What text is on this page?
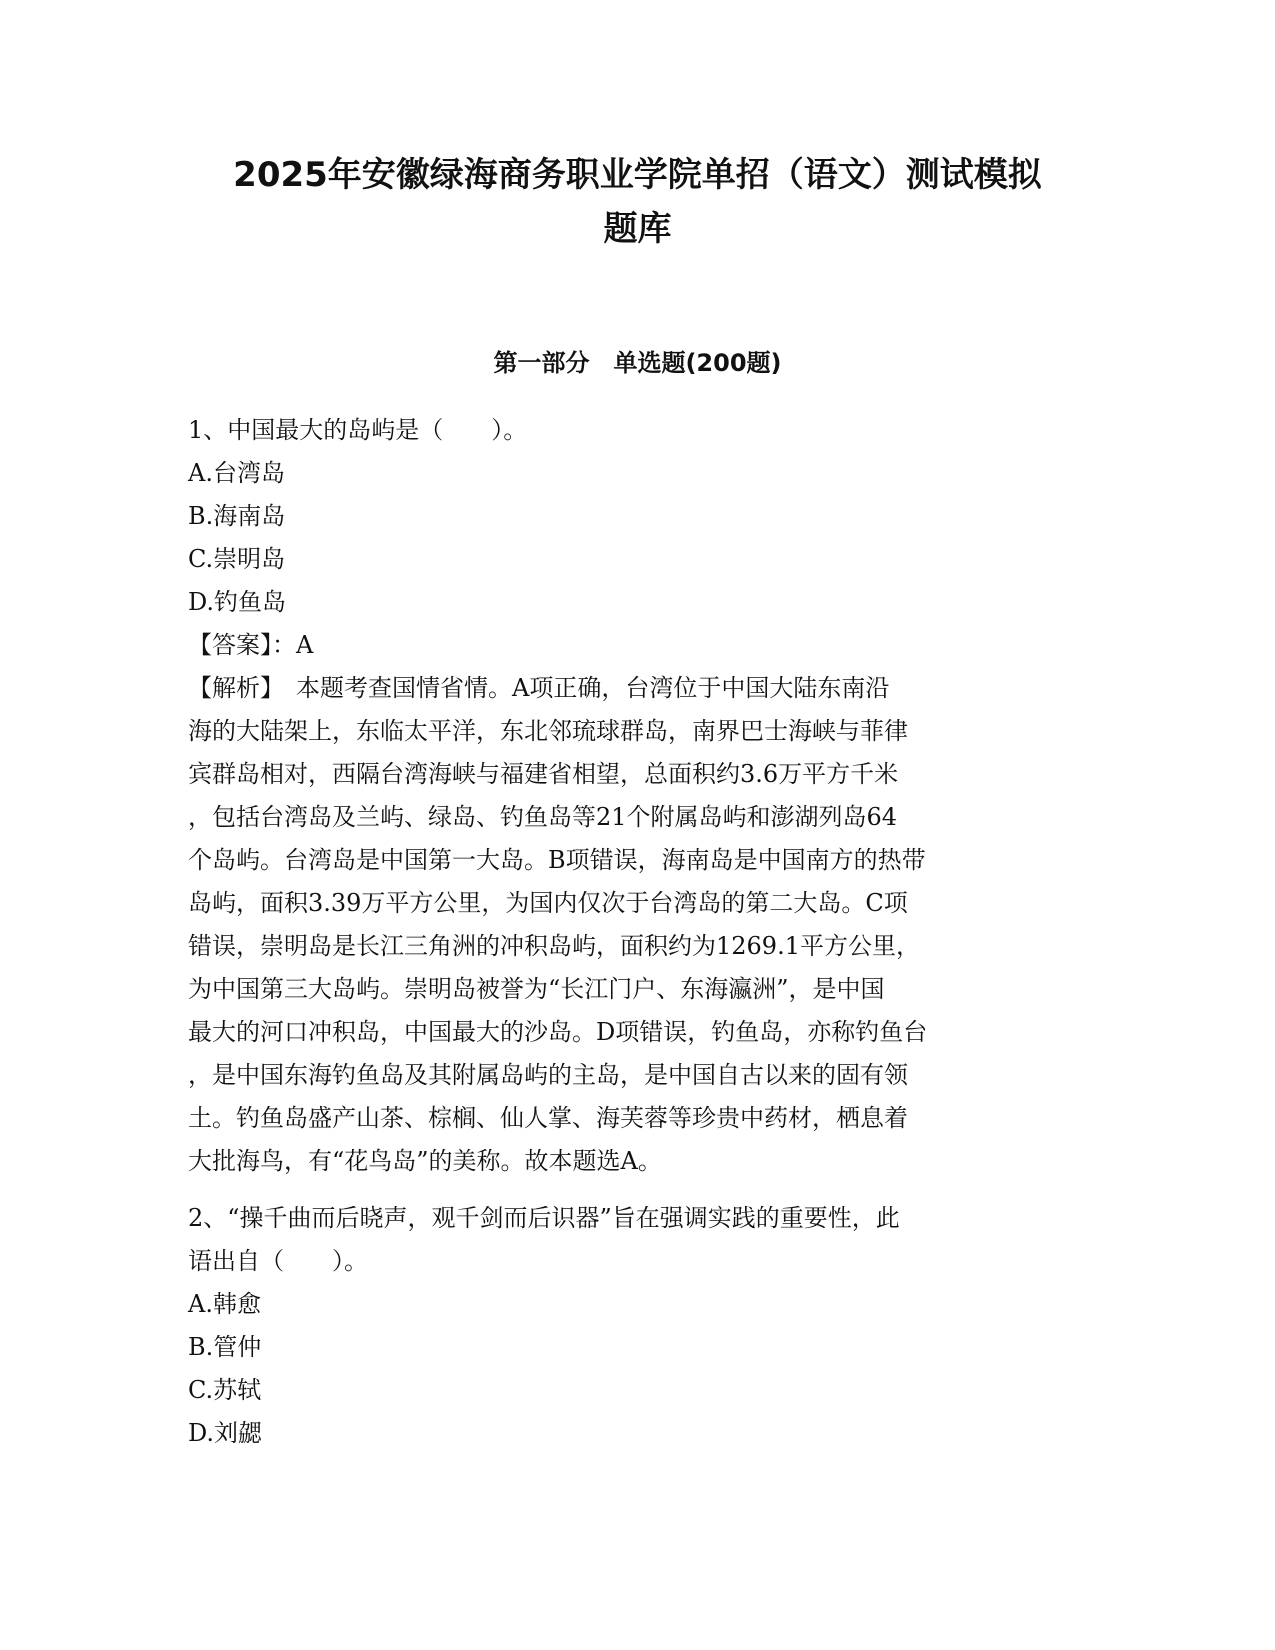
2025年安徽绿海商务职业学院单招（语文）测试模拟
题库
第一部分　单选题(200题)
1、中国最大的岛屿是（　　）。
A.台湾岛
B.海南岛
C.崇明岛
D.钓鱼岛
【答案】：A
【解析】　本题考查国情省情。A项正确，台湾位于中国大陆东南沿
海的大陆架上，东临太平洋，东北邻琉球群岛，南界巴士海峡与菲律
宾群岛相对，西隔台湾海峡与福建省相望，总面积约3.6万平方千米
，包括台湾岛及兰屿、绿岛、钓鱼岛等21个附属岛屿和澎湖列岛64
个岛屿。台湾岛是中国第一大岛。B项错误，海南岛是中国南方的热带
岛屿，面积3.39万平方公里，为国内仅次于台湾岛的第二大岛。C项
错误，崇明岛是长江三角洲的冲积岛屿，面积约为1269.1平方公里，
为中国第三大岛屿。崇明岛被誉为“长江门户、东海瀛洲”，是中国
最大的河口冲积岛，中国最大的沙岛。D项错误，钓鱼岛，亦称钓鱼台
，是中国东海钓鱼岛及其附属岛屿的主岛，是中国自古以来的固有领
土。钓鱼岛盛产山茶、棕榈、仙人掌、海芙蓉等珍贵中药材，栖息着
大批海鸟，有“花鸟岛”的美称。故本题选A。
2、“操千曲而后晓声，观千剑而后识器”旨在强调实践的重要性，此
语出自（　　）。
A.韩愈
B.管仲
C.苏轼
D.刘勰
